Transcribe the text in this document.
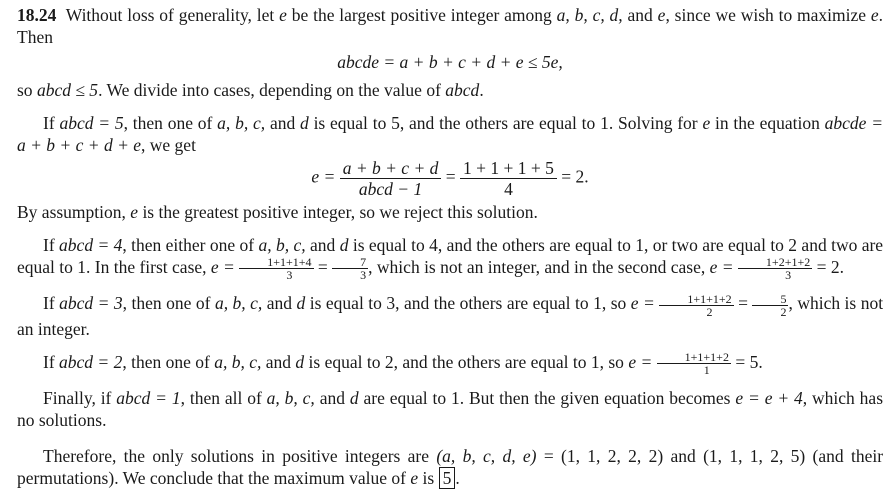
18.24 Without loss of generality, let e be the largest positive integer among a, b, c, d, and e, since we wish to maximize e. Then

abcde = a + b + c + d + e ≤ 5e,

so abcd ≤ 5. We divide into cases, depending on the value of abcd.

If abcd = 5, then one of a, b, c, and d is equal to 5, and the others are equal to 1. Solving for e in the equation abcde = a + b + c + d + e, we get

$e = \frac{a + b + c + d}{\text{abcd − 1}} = \frac{1 + 1 + 1 + 5}{4} = 2$.

By assumption, e is the greatest positive integer, so we reject this solution.

If abcd = 4, then either one of a, b, c, and d is equal to 4, and the others are equal to 1, or two are equal to 2 and two are equal to 1. In the first case, $e = \frac{1+1+1+4}{3} = \frac{7}{3}$ , which is not an integer, and in the second case, $e = \frac{1+2+1+2}{3} = 2$.

If abcd = 3, then one of a, b, c, and d is equal to 3, and the others are equal to 1, so $e = \frac{1+1+1+2}{2} = \frac{5}{2}$ , which is not an integer.

If abcd = 2, then one of a, b, c, and d is equal to 2, and the others are equal to 1, so $e = \frac{1+1+1+2}{1} = 5$.

Finally, if abcd = 1, then all of a, b, c, and d are equal to 1. But then the given equation becomes e = e + 4, which has no solutions.

Therefore, the only solutions in positive integers are (a, b, c, d, e) = (1, 1, 2, 2, 2) and (1, 1, 1, 2, 5) (and their permutations). We conclude that the maximum value of e is 5 .
